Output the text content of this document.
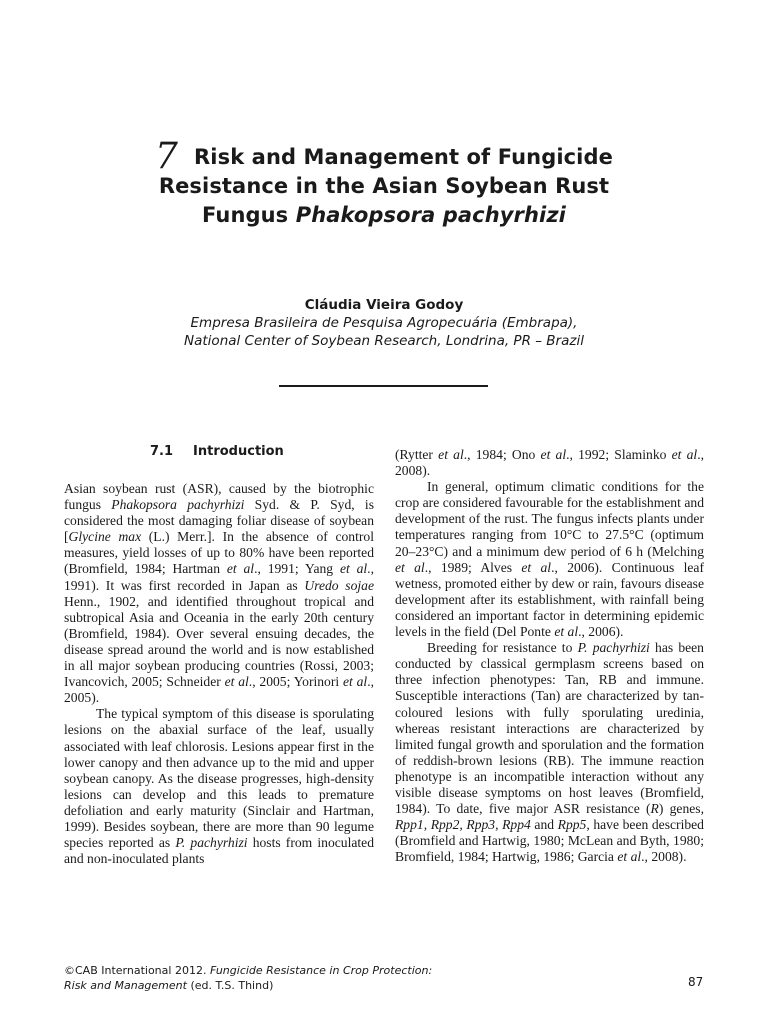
7 Risk and Management of Fungicide
Resistance in the Asian Soybean Rust
Fungus Phakopsora pachyrhizi
Cláudia Vieira Godoy
Empresa Brasileira de Pesquisa Agropecuária (Embrapa),
National Center of Soybean Research, Londrina, PR – Brazil
7.1 Introduction

Asian soybean rust (ASR), caused by the biotrophic fungus Phakopsora pachyrhizi Syd. & P. Syd, is considered the most damaging foliar disease of soybean [Glycine max (L.) Merr.]. In the absence of control measures, yield losses of up to 80% have been reported (Bromfield, 1984; Hartman et al., 1991; Yang et al., 1991). It was first recorded in Japan as Uredo sojae Henn., 1902, and identified throughout tropical and subtropical Asia and Oceania in the early 20th century (Bromfield, 1984). Over several ensuing decades, the disease spread around the world and is now established in all major soybean producing countries (Rossi, 2003; Ivancovich, 2005; Schneider et al., 2005; Yorinori et al., 2005).

The typical symptom of this disease is sporulating lesions on the abaxial surface of the leaf, usually associated with leaf chlorosis. Lesions appear first in the lower canopy and then advance up to the mid and upper soybean canopy. As the disease progresses, high-density lesions can develop and this leads to premature defoliation and early maturity (Sinclair and Hartman, 1999). Besides soybean, there are more than 90 legume species reported as P. pachyrhizi hosts from inoculated and non-inoculated plants

(Rytter et al., 1984; Ono et al., 1992; Slaminko et al., 2008).

In general, optimum climatic conditions for the crop are considered favourable for the establishment and development of the rust. The fungus infects plants under temperatures ranging from 10°C to 27.5°C (optimum 20–23°C) and a minimum dew period of 6 h (Melching et al., 1989; Alves et al., 2006). Continuous leaf wetness, promoted either by dew or rain, favours disease development after its establishment, with rainfall being considered an important factor in determining epidemic levels in the field (Del Ponte et al., 2006).

Breeding for resistance to P. pachyrhizi has been conducted by classical germplasm screens based on three infection phenotypes: Tan, RB and immune. Susceptible interactions (Tan) are characterized by tan-coloured lesions with fully sporulating uredinia, whereas resistant interactions are characterized by limited fungal growth and sporulation and the formation of reddish-brown lesions (RB). The immune reaction phenotype is an incompatible interaction without any visible disease symptoms on host leaves (Bromfield, 1984). To date, five major ASR resistance (R) genes, Rpp1, Rpp2, Rpp3, Rpp4 and Rpp5, have been described (Bromfield and Hartwig, 1980; McLean and Byth, 1980; Bromfield, 1984; Hartwig, 1986; Garcia et al., 2008).

©CAB International 2012. Fungicide Resistance in Crop Protection:
Risk and Management (ed. T.S. Thind)	87
